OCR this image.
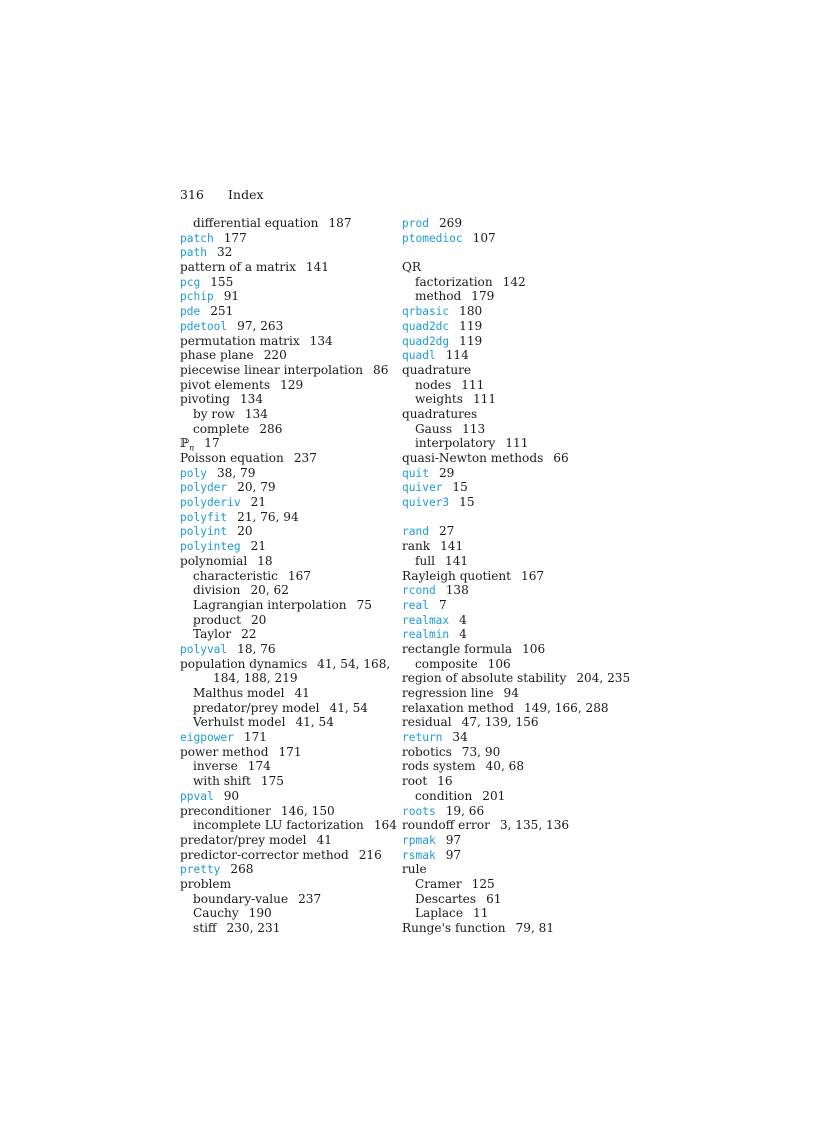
316 Index
differential equation 187
patch 177
path 32
pattern of a matrix 141
pcg 155
pchip 91
pde 251
pdetool 97, 263
permutation matrix 134
phase plane 220
piecewise linear interpolation 86
pivot elements 129
pivoting 134
by row 134
complete 286
ℙ$_n$ 17
Poisson equation 237
poly 38, 79
polyder 20, 79
polyderiv 21
polyfit 21, 76, 94
polyint 20
polyinteg 21
polynomial 18
characteristic 167
division 20, 62
Lagrangian interpolation 75
product 20
Taylor 22
polyval 18, 76
population dynamics 41, 54, 168,
184, 188, 219
Malthus model 41
predator/prey model 41, 54
Verhulst model 41, 54
eigpower 171
power method 171
inverse 174
with shift 175
ppval 90
preconditioner 146, 150
incomplete LU factorization 164
predator/prey model 41
predictor-corrector method 216
pretty 268
problem
boundary-value 237
Cauchy 190
stiff 230, 231
prod 269
ptomedioc 107
QR
factorization 142
method 179
qrbasic 180
quad2dc 119
quad2dg 119
quadl 114
quadrature
nodes 111
weights 111
quadratures
Gauss 113
interpolatory 111
quasi-Newton methods 66
quit 29
quiver 15
quiver3 15
rand 27
rank 141
full 141
Rayleigh quotient 167
rcond 138
real 7
realmax 4
realmin 4
rectangle formula 106
composite 106
region of absolute stability 204, 235
regression line 94
relaxation method 149, 166, 288
residual 47, 139, 156
return 34
robotics 73, 90
rods system 40, 68
root 16
condition 201
roots 19, 66
roundoff error 3, 135, 136
rpmak 97
rsmak 97
rule
Cramer 125
Descartes 61
Laplace 11
Runge's function 79, 81
